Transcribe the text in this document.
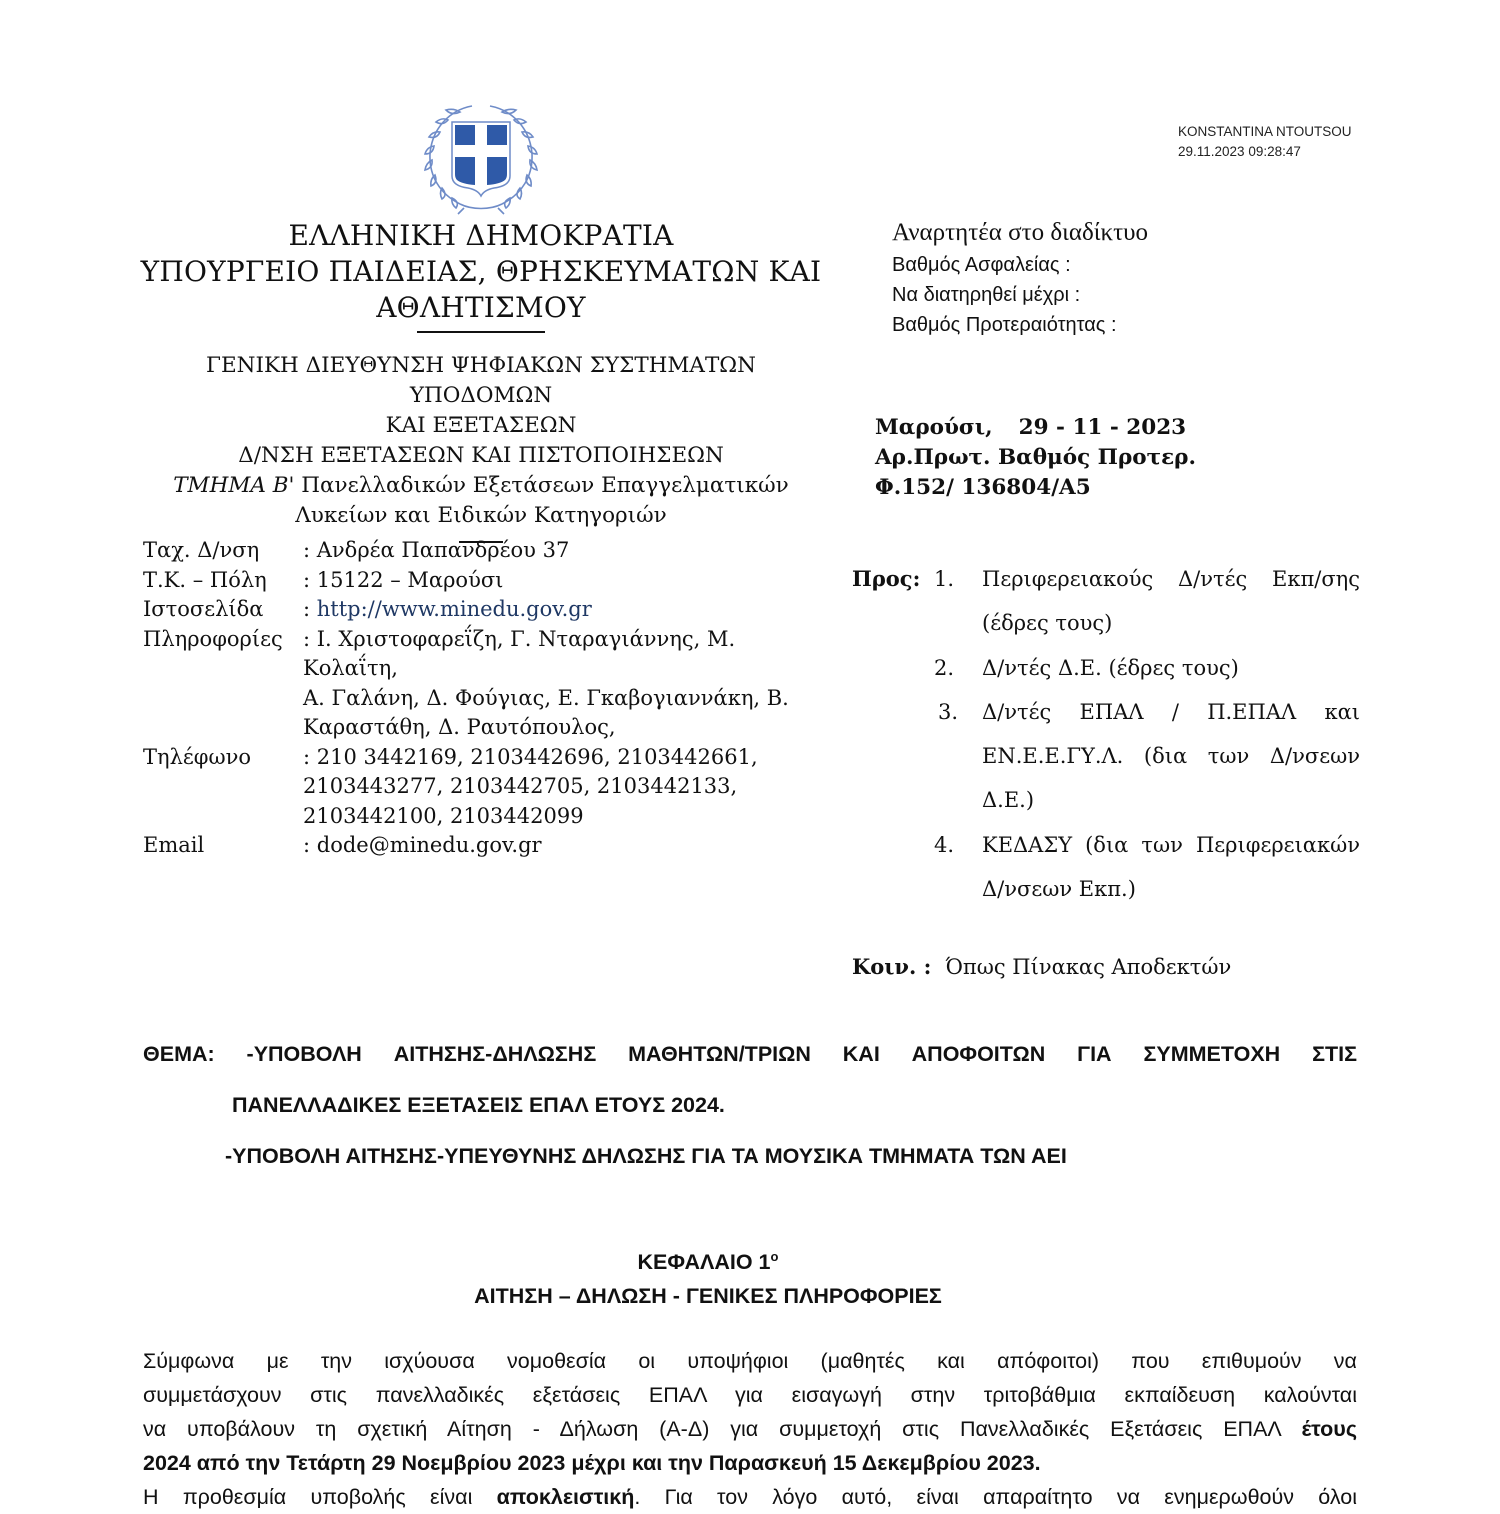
KONSTANTINA NTOUTSOU
29.11.2023 09:28:47
ΕΛΛΗΝΙΚΗ ΔΗΜΟΚΡΑΤΙΑ
ΥΠΟΥΡΓΕΙΟ ΠΑΙΔΕΙΑΣ, ΘΡΗΣΚΕΥΜΑΤΩΝ ΚΑΙ
ΑΘΛΗΤΙΣΜΟΥ
ΓΕΝΙΚΗ ΔΙΕΥΘΥΝΣΗ ΨΗΦΙΑΚΩΝ ΣΥΣΤΗΜΑΤΩΝ ΥΠΟΔΟΜΩΝ
ΚΑΙ ΕΞΕΤΑΣΕΩΝ
Δ/ΝΣΗ ΕΞΕΤΑΣΕΩΝ ΚΑΙ ΠΙΣΤΟΠΟΙΗΣΕΩΝ
ΤΜΗΜΑ Β' Πανελλαδικών Εξετάσεων Επαγγελματικών
Λυκείων και Ειδικών Κατηγοριών
Ταχ. Δ/νση	: Ανδρέα Παπανδρέου 37
Τ.Κ. – Πόλη	: 15122 – Μαρούσι
Ιστοσελίδα	: http://www.minedu.gov.gr
Πληροφορίες : Ι. Χριστοφαρεΐζη, Γ. Νταραγιάννης, Μ. Κολαΐτη,
Α. Γαλάνη, Δ. Φούγιας, Ε. Γκαβογιαννάκη, Β.
Καραστάθη, Δ. Ραυτόπουλος,
Τηλέφωνο	: 210 3442169, 2103442696, 2103442661,
2103443277, 2103442705, 2103442133,
2103442100, 2103442099
Email	: dode@minedu.gov.gr
Αναρτητέα στο διαδίκτυο
Βαθμός Ασφαλείας :
Να διατηρηθεί μέχρι :
Βαθμός Προτεραιότητας :
Μαρούσι, 29 - 11 - 2023
Αρ.Πρωτ. Βαθμός Προτερ.
Φ.152/ 136804/Α5
Προς: 1.	Περιφερειακούς Δ/ντές Εκπ/σης
(έδρες τους)
2.	Δ/ντές Δ.Ε. (έδρες τους)
3.	Δ/ντές ΕΠΑΛ / Π.ΕΠΑΛ και
ΕΝ.Ε.Ε.ΓΥ.Λ. (δια των Δ/νσεων
Δ.Ε.)
4.	ΚΕΔΑΣΥ (δια των Περιφερειακών
Δ/νσεων Εκπ.)
Κοιν. : Όπως Πίνακας Αποδεκτών
ΘΕΜΑ: -ΥΠΟΒΟΛΗ ΑΙΤΗΣΗΣ-ΔΗΛΩΣΗΣ ΜΑΘΗΤΩΝ/ΤΡΙΩΝ ΚΑΙ ΑΠΟΦΟΙΤΩΝ ΓΙΑ ΣΥΜΜΕΤΟΧΗ ΣΤΙΣ
ΠΑΝΕΛΛΑΔΙΚΕΣ ΕΞΕΤΑΣΕΙΣ ΕΠΑΛ ΕΤΟΥΣ 2024.
-ΥΠΟΒΟΛΗ ΑΙΤΗΣΗΣ-ΥΠΕΥΘΥΝΗΣ ΔΗΛΩΣΗΣ ΓΙΑ ΤΑ ΜΟΥΣΙΚΑ ΤΜΗΜΑΤΑ ΤΩΝ ΑΕΙ
ΚΕΦΑΛΑΙΟ $1^o$
ΑΙΤΗΣΗ – ΔΗΛΩΣΗ - ΓΕΝΙΚΕΣ ΠΛΗΡΟΦΟΡΙΕΣ

Σύμφωνα με την ισχύουσα νομοθεσία οι υποψήφιοι (μαθητές και απόφοιτοι) που επιθυμούν να
συμμετάσχουν στις πανελλαδικές εξετάσεις ΕΠΑΛ για εισαγωγή στην τριτοβάθμια εκπαίδευση καλούνται
να υποβάλουν τη σχετική Αίτηση - Δήλωση (Α-Δ) για συμμετοχή στις Πανελλαδικές Εξετάσεις ΕΠΑΛ έτους
2024 από την Τετάρτη 29 Νοεμβρίου 2023 μέχρι και την Παρασκευή 15 Δεκεμβρίου 2023.

Η προθεσμία υποβολής είναι αποκλειστική. Για τον λόγο αυτό, είναι απαραίτητο να ενημερωθούν όλοι
